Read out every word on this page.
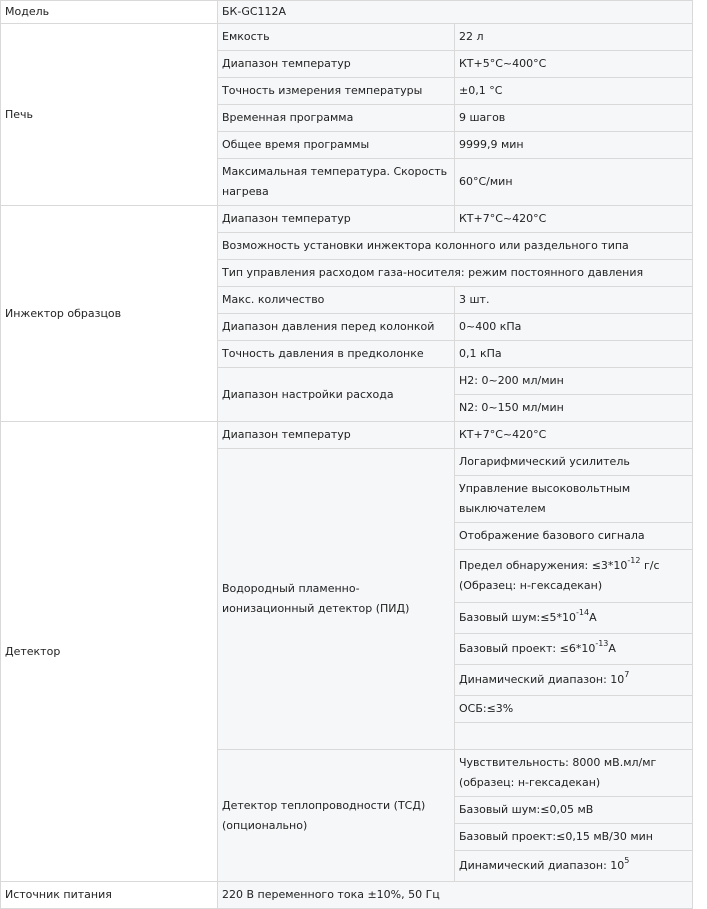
Модель	БК-GC112A	
Печь	Емкость	22 л
	Диапазон температур	КТ+5°C~400°C
	Точность измерения температуры	±0,1 °C
	Временная программа	9 шагов
	Общее время программы	9999,9 мин
	Максимальная температура. Скорость нагрева	60°C/мин
Инжектор образцов	Диапазон температур	КТ+7°C~420°C
	Возможность установки инжектора колонного или раздельного типа	
	Тип управления расходом газа-носителя: режим постоянного давления	
	Макс. количество	3 шт.
	Диапазон давления перед колонкой	0~400 кПа
	Точность давления в предколонке	0,1 кПа
	Диапазон настройки расхода	H2: 0~200 мл/мин
		N2: 0~150 мл/мин
Детектор	Диапазон температур	КТ+7°C~420°C
	Водородный пламенно-ионизационный детектор (ПИД)	Логарифмический усилитель
		Управление высоковольтным выключателем
		Отображение базового сигнала
		Предел обнаружения: $\le 3*10^{-12}$ г/с (Образец: н-гексадекан)
		Базовый $шум:\le 5*10^{-14}А$
		Базовый проект: $\le 6*10^{-13}А$
		Динамический диапазон: $10^7$
		ОСБ:≤3%

	Детектор теплопроводности (ТСД) (опционально)	Чувствительность: 8000 мВ.мл/мг (образец: н-гексадекан)
		Базовый шум:≤0,05 мВ
		Базовый проект:≤0,15 мВ/30 мин
		Динамический диапазон: $10^5$
Источник питания	220 В переменного тока ±10%, 50 Гц	
